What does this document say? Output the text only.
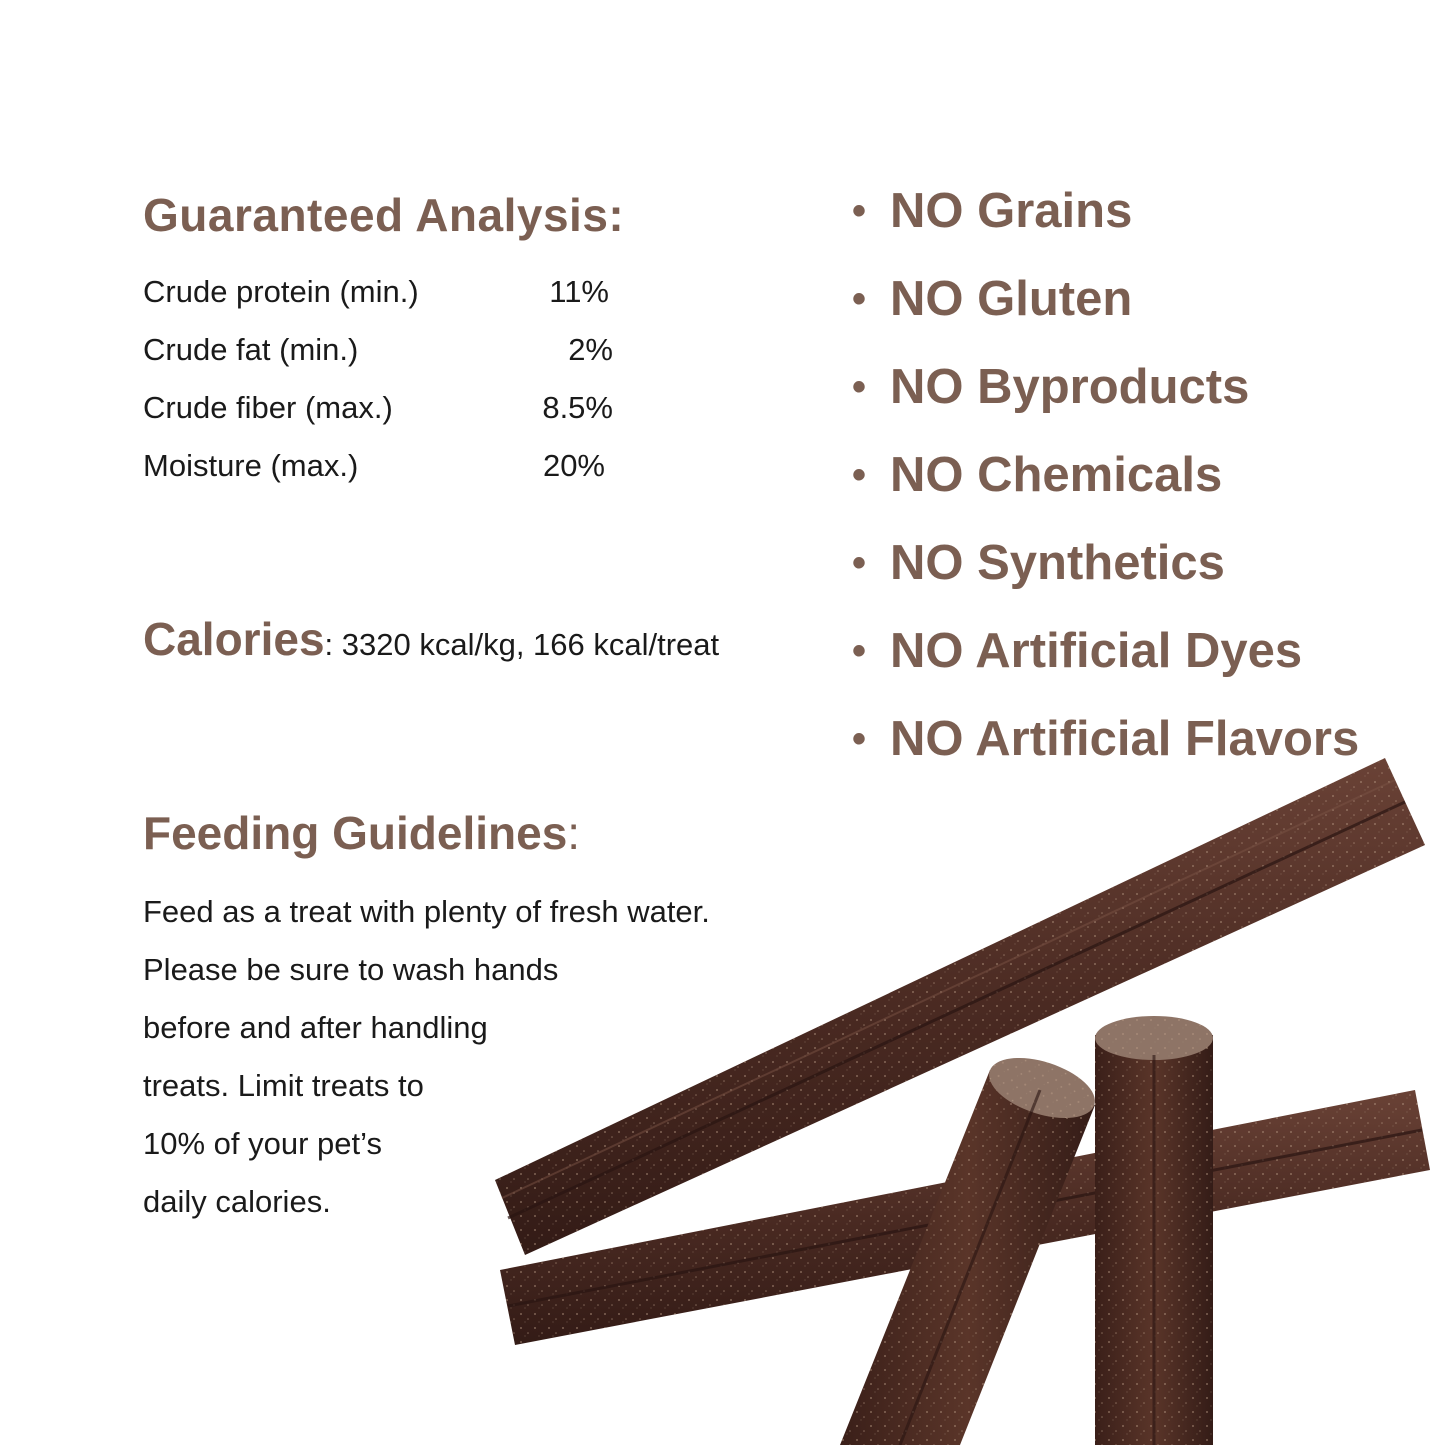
Guaranteed Analysis:
Crude protein (min.)	11%
Crude fat (min.)	2%
Crude fiber (max.)	8.5%
Moisture (max.)	20%
Calories: 3320 kcal/kg, 166 kcal/treat
Feeding Guidelines:
Feed as a treat with plenty of fresh water.
Please be sure to wash hands
before and after handling
treats. Limit treats to
10% of your pet’s
daily calories.
• NO Grains
• NO Gluten
• NO Byproducts
• NO Chemicals
• NO Synthetics
• NO Artificial Dyes
• NO Artificial Flavors
